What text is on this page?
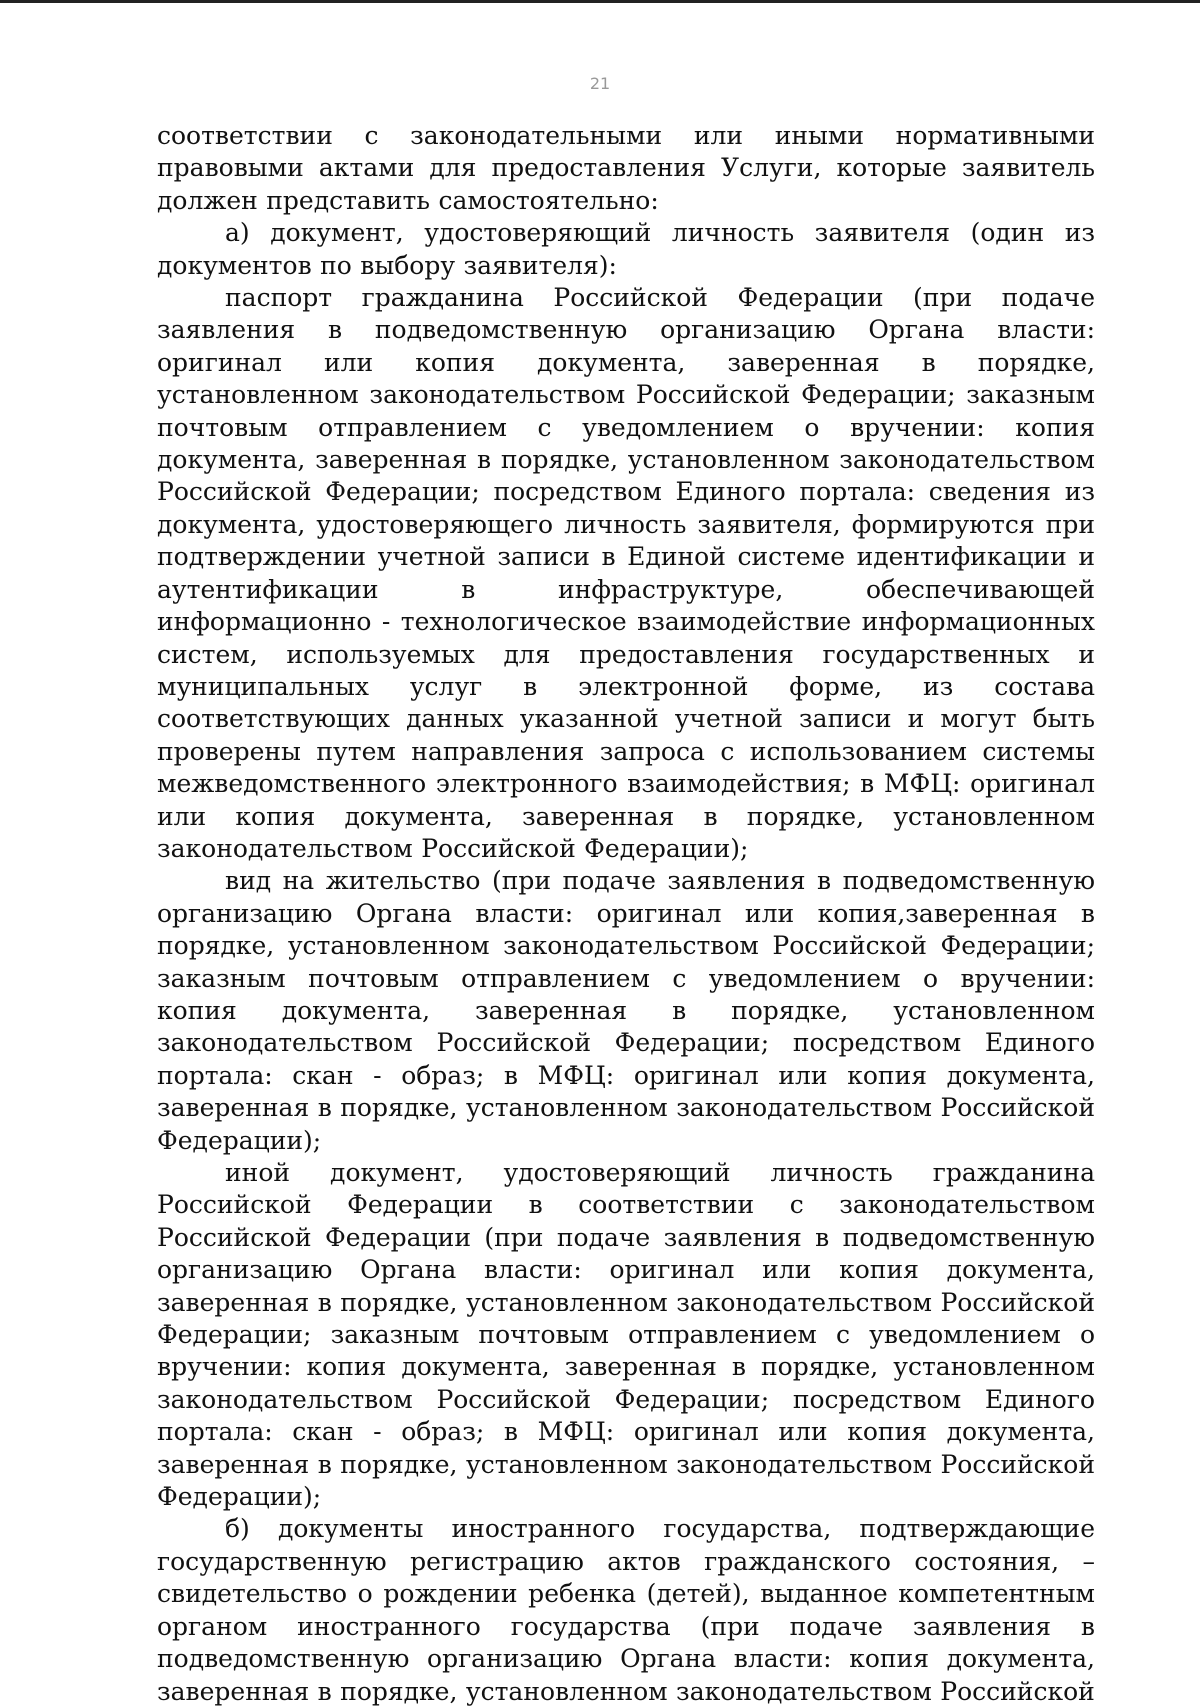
21

соответствии с законодательными или иными нормативными правовыми актами для предоставления Услуги, которые заявитель должен представить самостоятельно:

а) документ, удостоверяющий личность заявителя (один из документов по выбору заявителя):

паспорт гражданина Российской Федерации (при подаче заявления в подведомственную организацию Органа власти: оригинал или копия документа, заверенная в порядке, установленном законодательством Российской Федерации; заказным почтовым отправлением с уведомлением о вручении: копия документа, заверенная в порядке, установленном законодательством Российской Федерации; посредством Единого портала: сведения из документа, удостоверяющего личность заявителя, формируются при подтверждении учетной записи в Единой системе идентификации и аутентификации в инфраструктуре, обеспечивающей информационно - технологическое взаимодействие информационных систем, используемых для предоставления государственных и муниципальных услуг в электронной форме, из состава соответствующих данных указанной учетной записи и могут быть проверены путем направления запроса с использованием системы межведомственного электронного взаимодействия; в МФЦ: оригинал или копия документа, заверенная в порядке, установленном законодательством Российской Федерации);

вид на жительство (при подаче заявления в подведомственную организацию Органа власти: оригинал или копия,заверенная в порядке, установленном законодательством Российской Федерации; заказным почтовым отправлением с уведомлением о вручении: копия документа, заверенная в порядке, установленном законодательством Российской Федерации; посредством Единого портала: скан - образ; в МФЦ: оригинал или копия документа, заверенная в порядке, установленном законодательством Российской Федерации);

иной документ, удостоверяющий личность гражданина Российской Федерации в соответствии с законодательством Российской Федерации (при подаче заявления в подведомственную организацию Органа власти: оригинал или копия документа, заверенная в порядке, установленном законодательством Российской Федерации; заказным почтовым отправлением с уведомлением о вручении: копия документа, заверенная в порядке, установленном законодательством Российской Федерации; посредством Единого портала: скан - образ; в МФЦ: оригинал или копия документа, заверенная в порядке, установленном законодательством Российской Федерации);

б) документы иностранного государства, подтверждающие государственную регистрацию актов гражданского состояния, – свидетельство о рождении ребенка (детей), выданное компетентным органом иностранного государства (при подаче заявления в подведомственную организацию Органа власти: копия документа, заверенная в порядке, установленном законодательством Российской
